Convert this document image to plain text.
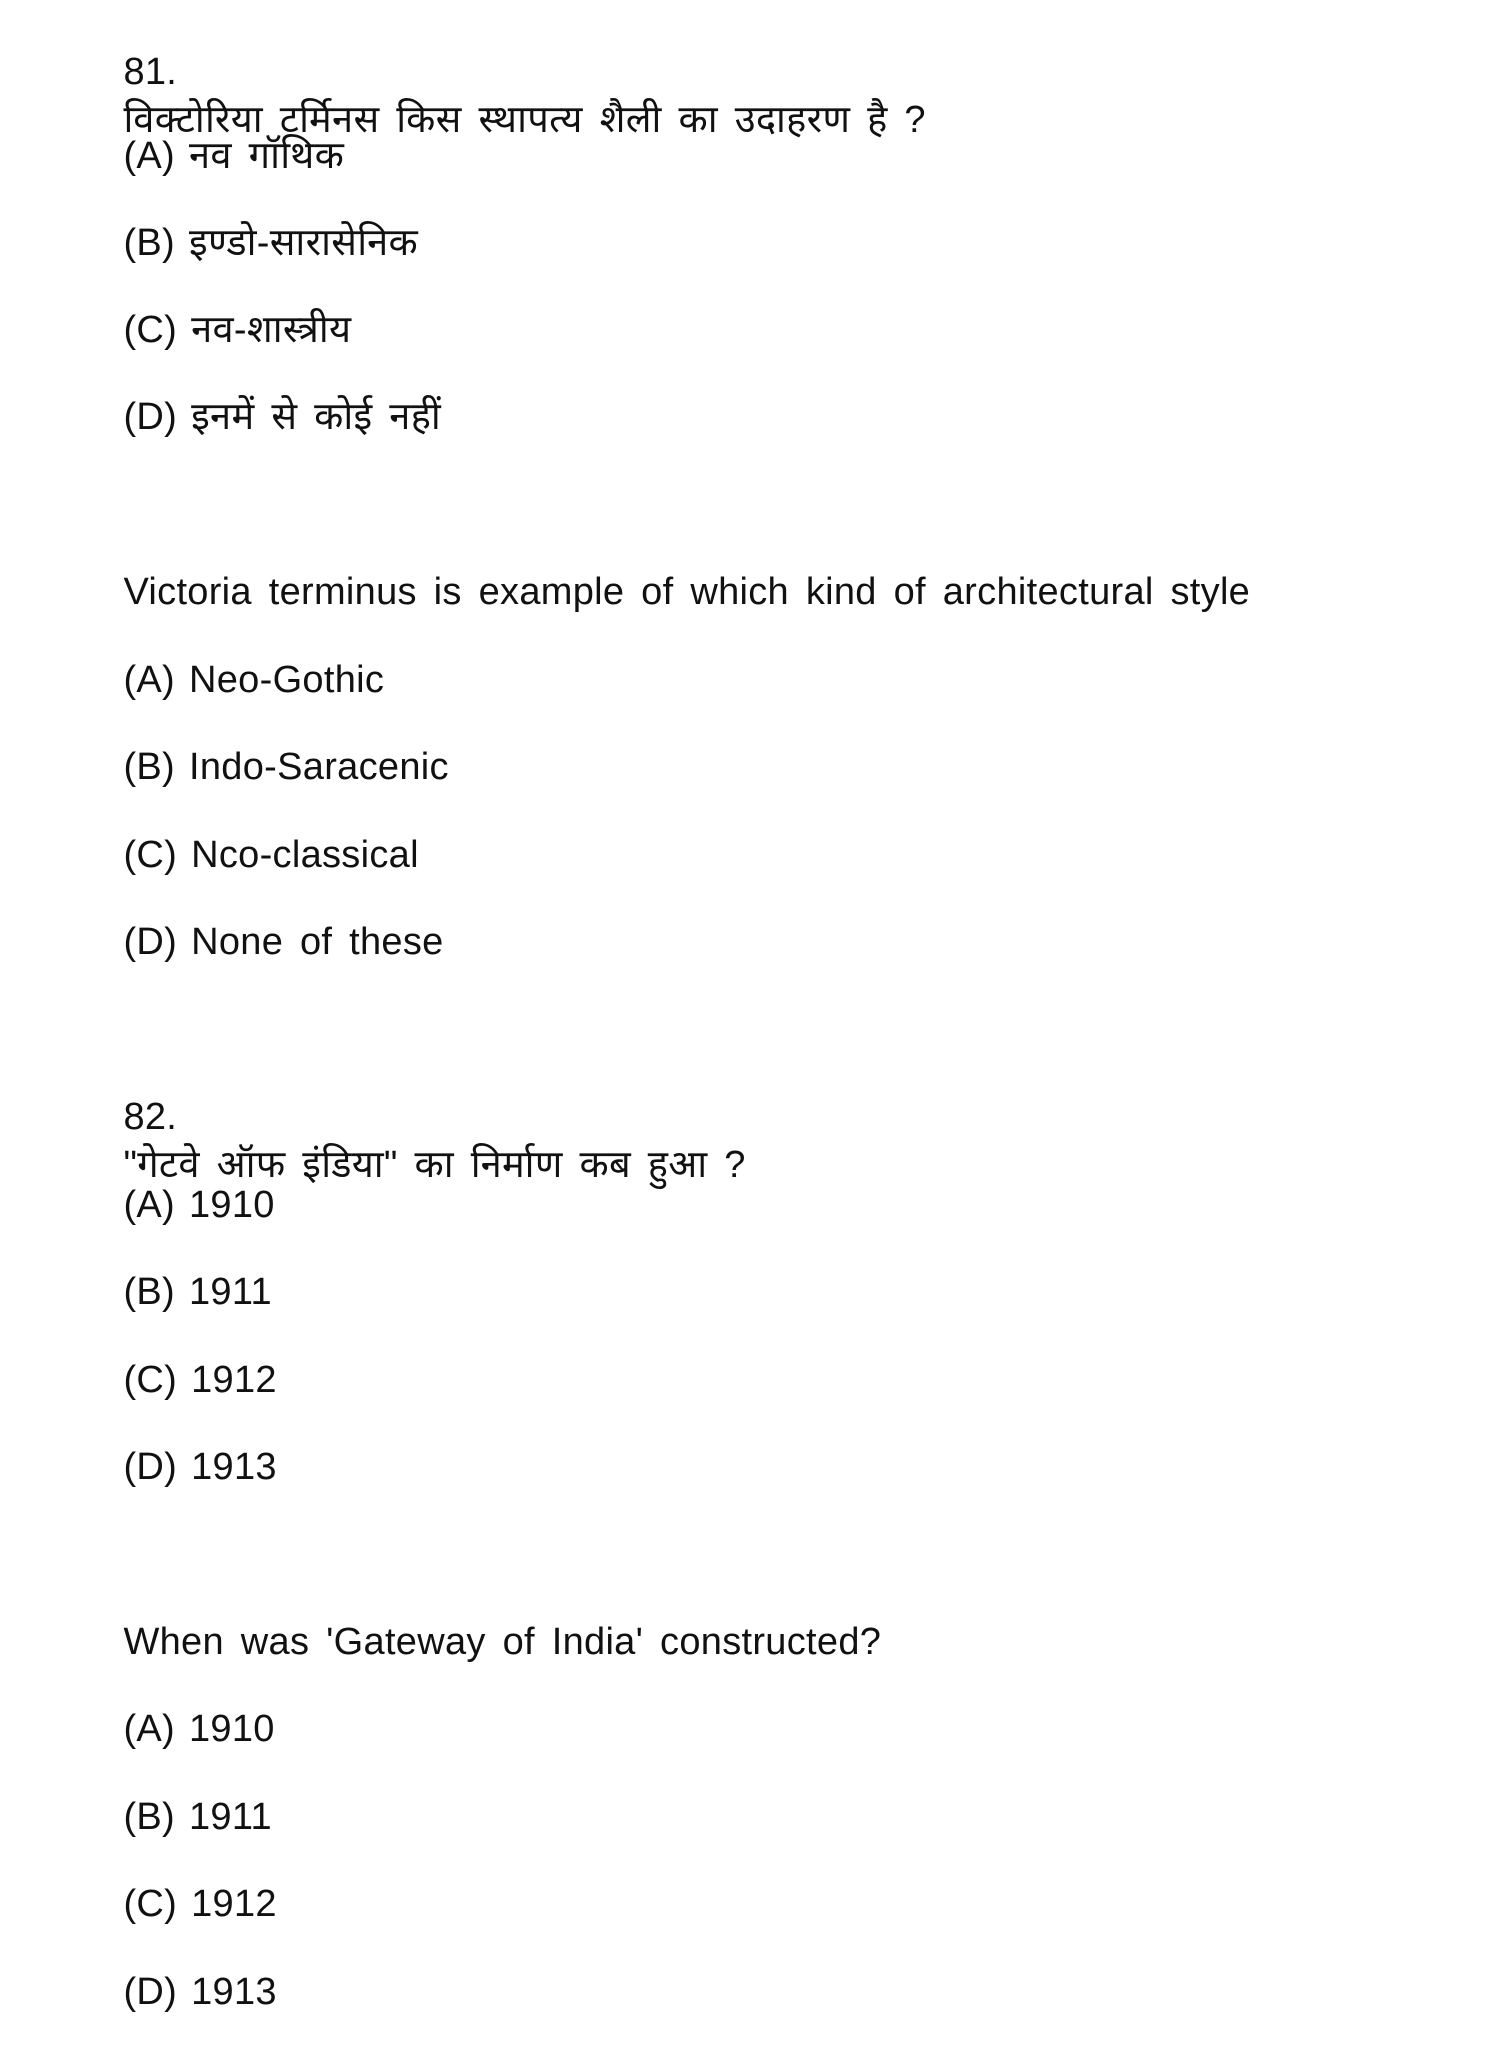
81.
विक्टोरिया टर्मिनस किस स्थापत्य शैली का उदाहरण है ?

(A) नव गॉथिक

(B) इण्डो-सारासेनिक

(C) नव-शास्त्रीय

(D) इनमें से कोई नहीं

Victoria terminus is example of which kind of architectural style

(A) Neo-Gothic

(B) Indo-Saracenic

(C) Nco-classical

(D) None of these

82.
"गेटवे ऑफ इंडिया" का निर्माण कब हुआ ?

(A) 1910

(B) 1911

(C) 1912

(D) 1913

When was 'Gateway of India' constructed?

(A) 1910

(B) 1911

(C) 1912

(D) 1913
